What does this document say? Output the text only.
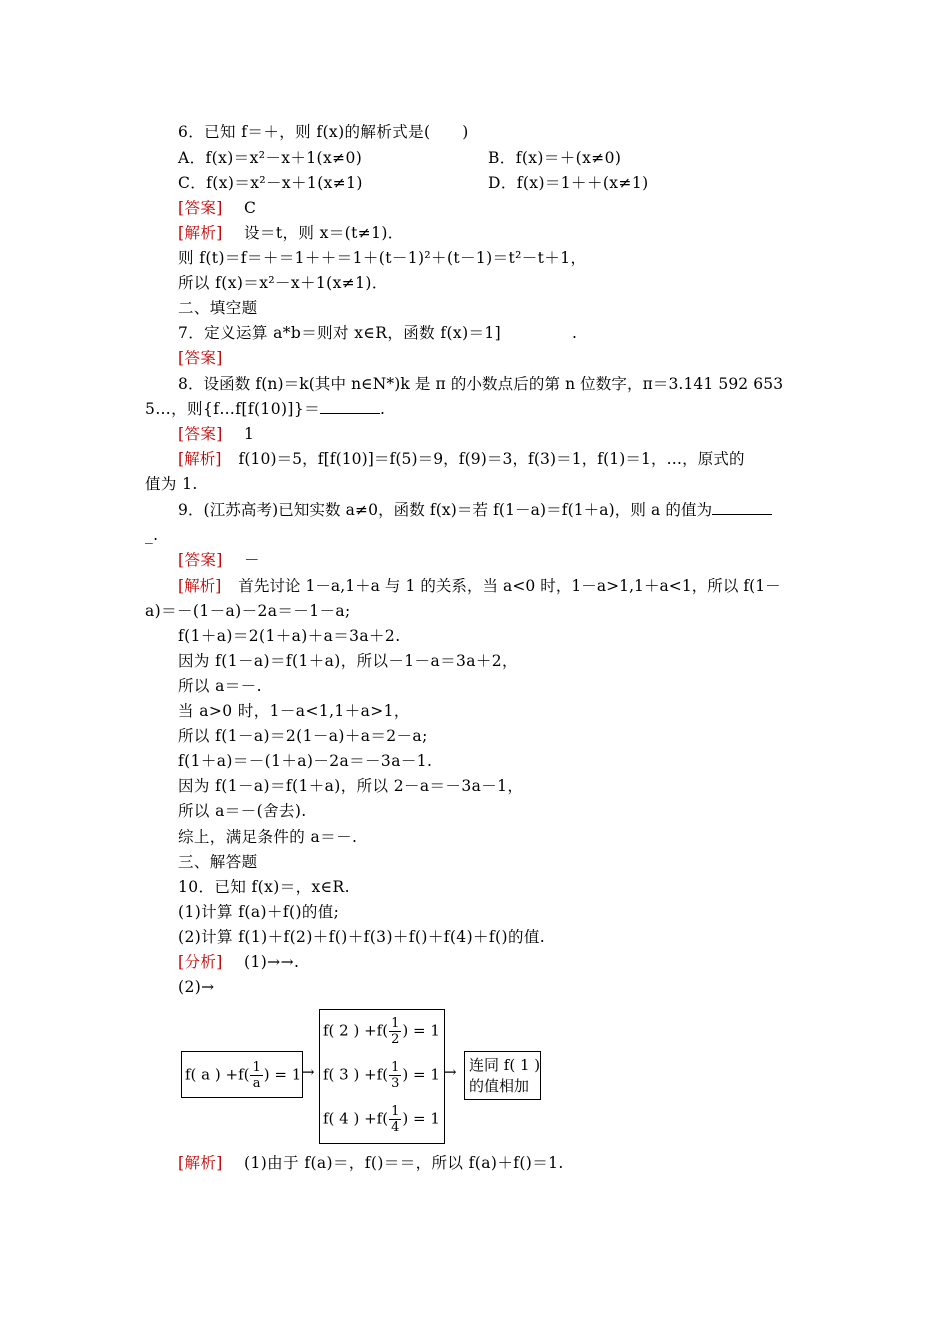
6．已知 f＝＋，则 f(x)的解析式是(　　)
A．f(x)＝x²－x＋1(x≠0)	B．f(x)＝＋(x≠0)
C．f(x)＝x²－x＋1(x≠1)	D．f(x)＝1＋＋(x≠1)
[答案] C
[解析] 设＝t，则 x＝(t≠1)．
则 f(t)＝f＝＋＝1＋＋＝1＋(t－1)²＋(t－1)＝t²－t＋1，
所以 f(x)＝x²－x＋1(x≠1)．
二、填空题
7．定义运算 a*b＝则对 x∈R，函数 f(x)＝1]	.
[答案]
8．设函数 f(n)＝k(其中 n∈N*)k 是 π 的小数点后的第 n 位数字，π＝3.141 592 653
5…，则{f…f[f(10)]}＝	.
[答案] 1
[解析] f(10)＝5，f[f(10)]＝f(5)＝9，f(9)＝3，f(3)＝1，f(1)＝1，…，原式的
值为 1.
9．(江苏高考)已知实数 a≠0，函数 f(x)＝若 f(1－a)＝f(1＋a)，则 a 的值为
_.
[答案] －
[解析] 首先讨论 1－a,1＋a 与 1 的关系，当 a<0 时，1－a>1,1＋a<1，所以 f(1－
a)＝－(1－a)－2a＝－1－a;
f(1＋a)＝2(1＋a)＋a＝3a＋2.
因为 f(1－a)＝f(1＋a)，所以－1－a＝3a＋2，
所以 a＝－.
当 a>0 时，1－a<1,1＋a>1，
所以 f(1－a)＝2(1－a)＋a＝2－a;
f(1＋a)＝－(1＋a)－2a＝－3a－1.
因为 f(1－a)＝f(1＋a)，所以 2－a＝－3a－1，
所以 a＝－(舍去).
综上，满足条件的 a＝－.
三、解答题
10．已知 f(x)＝，x∈R.
(1)计算 f(a)＋f()的值;
(2)计算 f(1)＋f(2)＋f()＋f(3)＋f()＋f(4)＋f()的值.
[分析] (1)→→.
(2)→
f( a ) $+f( \frac{1}{a}$ ) = 1 →
f( 2 ) $+f( \frac{1}{2}$ ) = 1
f( 3 ) $+f( \frac{1}{3}$ ) = 1
f( 4 ) $+f( \frac{1}{4}$ ) = 1
→ 连同 f( 1 )
的值相加
[解析] (1)由于 f(a)＝，f()＝＝，所以 f(a)＋f()＝1.
